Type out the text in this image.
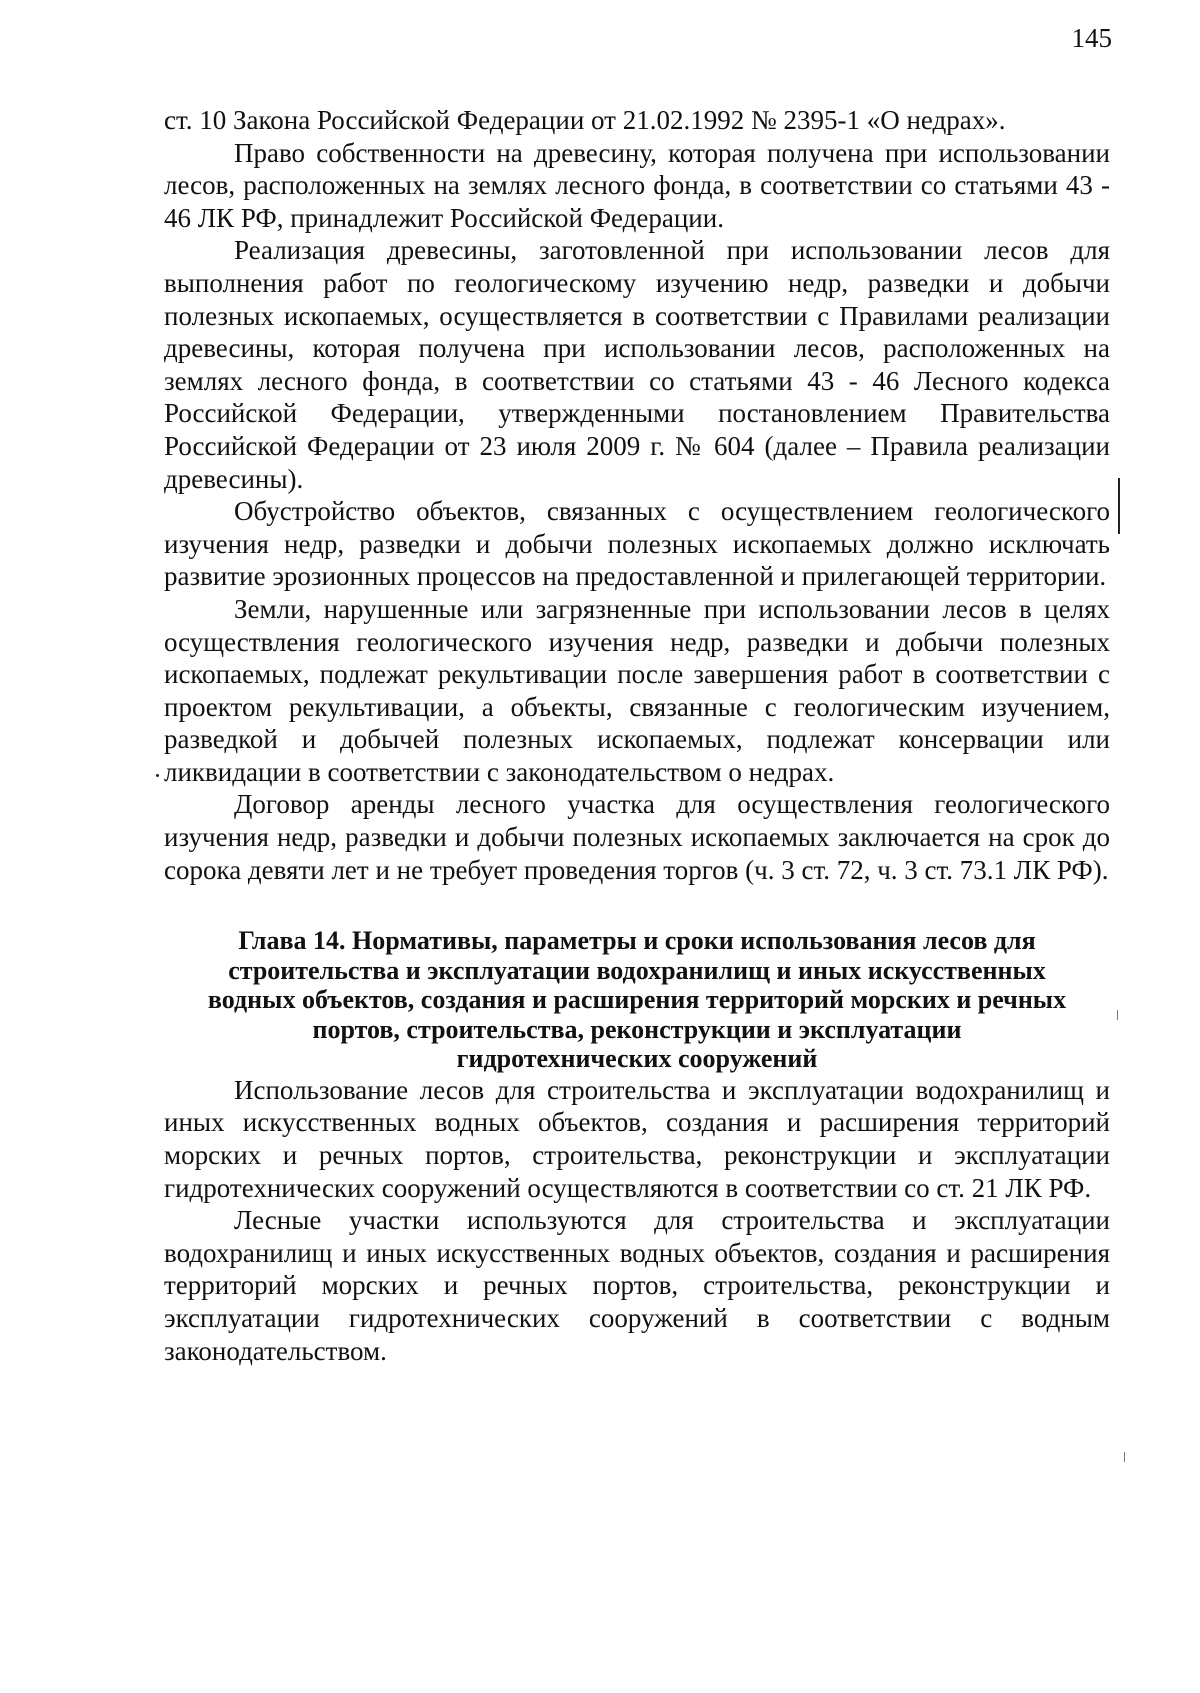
145

ст. 10 Закона Российской Федерации от 21.02.1992 № 2395-1 «О недрах».

Право собственности на древесину, которая получена при использовании лесов, расположенных на землях лесного фонда, в соответствии со статьями 43 - 46 ЛК РФ, принадлежит Российской Федерации.

Реализация древесины, заготовленной при использовании лесов для выполнения работ по геологическому изучению недр, разведки и добычи полезных ископаемых, осуществляется в соответствии с Правилами реализации древесины, которая получена при использовании лесов, расположенных на землях лесного фонда, в соответствии со статьями 43 - 46 Лесного кодекса Российской Федерации, утвержденными постановлением Правительства Российской Федерации от 23 июля 2009 г. № 604 (далее – Правила реализации древесины).

Обустройство объектов, связанных с осуществлением геологического изучения недр, разведки и добычи полезных ископаемых должно исключать развитие эрозионных процессов на предоставленной и прилегающей территории.

Земли, нарушенные или загрязненные при использовании лесов в целях осуществления геологического изучения недр, разведки и добычи полезных ископаемых, подлежат рекультивации после завершения работ в соответствии с проектом рекультивации, а объекты, связанные с геологическим изучением, разведкой и добычей полезных ископаемых, подлежат консервации или ликвидации в соответствии с законодательством о недрах.

Договор аренды лесного участка для осуществления геологического изучения недр, разведки и добычи полезных ископаемых заключается на срок до сорока девяти лет и не требует проведения торгов (ч. 3 ст. 72, ч. 3 ст. 73.1 ЛК РФ).

Глава 14. Нормативы, параметры и сроки использования лесов для
строительства и эксплуатации водохранилищ и иных искусственных
водных объектов, создания и расширения территорий морских и речных
портов, строительства, реконструкции и эксплуатации
гидротехнических сооружений

Использование лесов для строительства и эксплуатации водохранилищ и иных искусственных водных объектов, создания и расширения территорий морских и речных портов, строительства, реконструкции и эксплуатации гидротехнических сооружений осуществляются в соответствии со ст. 21 ЛК РФ.

Лесные участки используются для строительства и эксплуатации водохранилищ и иных искусственных водных объектов, создания и расширения территорий морских и речных портов, строительства, реконструкции и эксплуатации гидротехнических сооружений в соответствии с водным законодательством.
